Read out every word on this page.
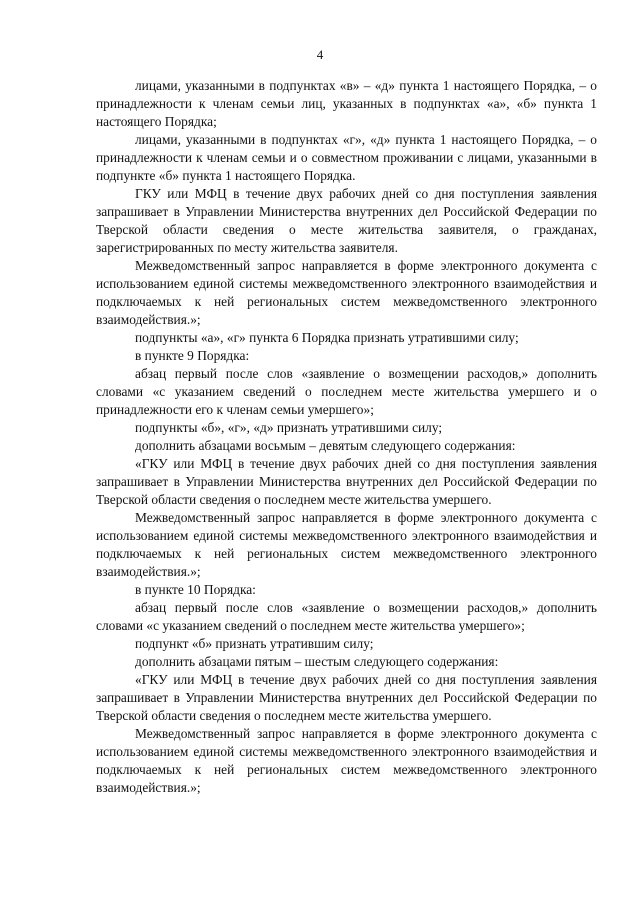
4

лицами, указанными в подпунктах «в» – «д» пункта 1 настоящего Порядка, – о принадлежности к членам семьи лиц, указанных в подпунктах «а», «б» пункта 1 настоящего Порядка;

лицами, указанными в подпунктах «г», «д» пункта 1 настоящего Порядка, – о принадлежности к членам семьи и о совместном проживании с лицами, указанными в подпункте «б» пункта 1 настоящего Порядка.

ГКУ или МФЦ в течение двух рабочих дней со дня поступления заявления запрашивает в Управлении Министерства внутренних дел Российской Федерации по Тверской области сведения о месте жительства заявителя, о гражданах, зарегистрированных по месту жительства заявителя.

Межведомственный запрос направляется в форме электронного документа с использованием единой системы межведомственного электронного взаимодействия и подключаемых к ней региональных систем межведомственного электронного взаимодействия.»;

подпункты «а», «г» пункта 6 Порядка признать утратившими силу;

в пункте 9 Порядка:

абзац первый после слов «заявление о возмещении расходов,» дополнить словами «с указанием сведений о последнем месте жительства умершего и о принадлежности его к членам семьи умершего»;

подпункты «б», «г», «д» признать утратившими силу;

дополнить абзацами восьмым – девятым следующего содержания:

«ГКУ или МФЦ в течение двух рабочих дней со дня поступления заявления запрашивает в Управлении Министерства внутренних дел Российской Федерации по Тверской области сведения о последнем месте жительства умершего.

Межведомственный запрос направляется в форме электронного документа с использованием единой системы межведомственного электронного взаимодействия и подключаемых к ней региональных систем межведомственного электронного взаимодействия.»;

в пункте 10 Порядка:

абзац первый после слов «заявление о возмещении расходов,» дополнить словами «с указанием сведений о последнем месте жительства умершего»;

подпункт «б» признать утратившим силу;

дополнить абзацами пятым – шестым следующего содержания:

«ГКУ или МФЦ в течение двух рабочих дней со дня поступления заявления запрашивает в Управлении Министерства внутренних дел Российской Федерации по Тверской области сведения о последнем месте жительства умершего.

Межведомственный запрос направляется в форме электронного документа с использованием единой системы межведомственного электронного взаимодействия и подключаемых к ней региональных систем межведомственного электронного взаимодействия.»;
